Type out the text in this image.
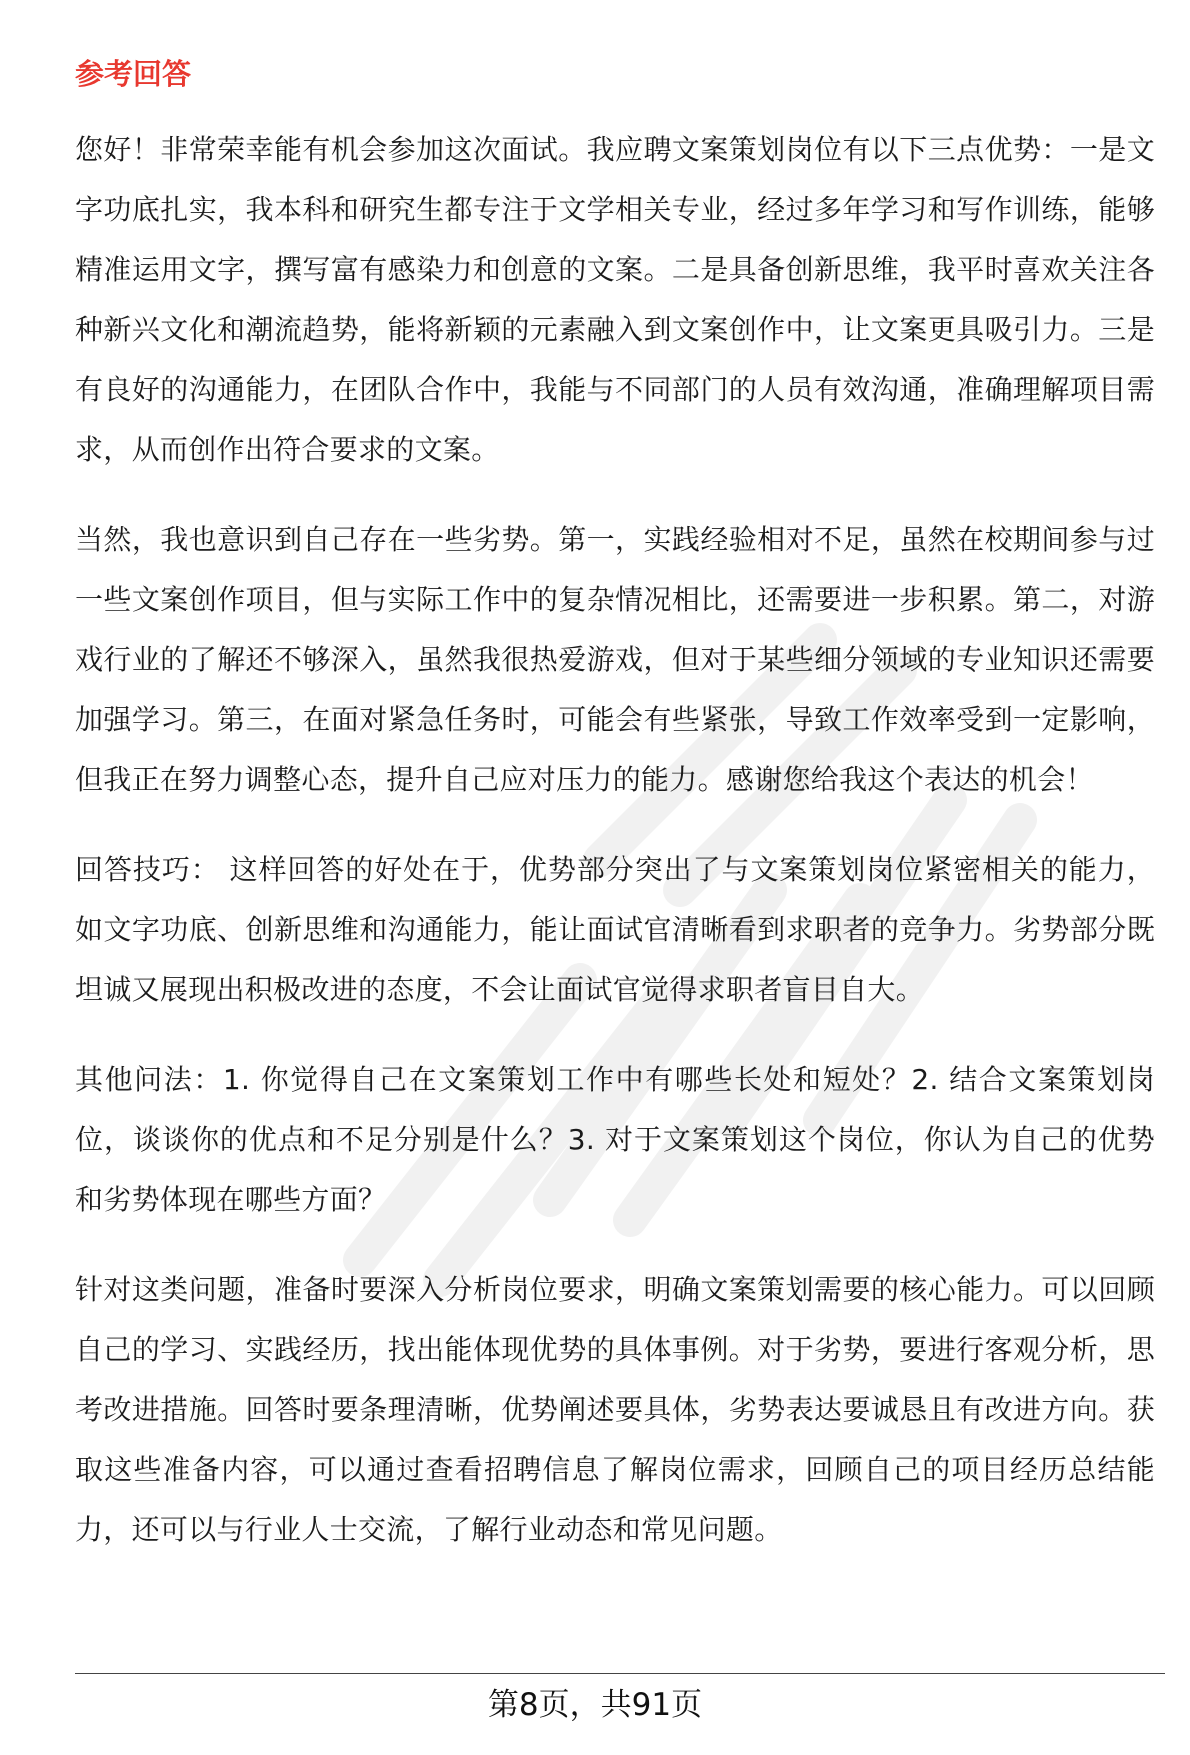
参考回答

您好！非常荣幸能有机会参加这次面试。我应聘文案策划岗位有以下三点优势：一是文字功底扎实，我本科和研究生都专注于文学相关专业，经过多年学习和写作训练，能够精准运用文字，撰写富有感染力和创意的文案。二是具备创新思维，我平时喜欢关注各种新兴文化和潮流趋势，能将新颖的元素融入到文案创作中，让文案更具吸引力。三是有良好的沟通能力，在团队合作中，我能与不同部门的人员有效沟通，准确理解项目需求，从而创作出符合要求的文案。

当然，我也意识到自己存在一些劣势。第一，实践经验相对不足，虽然在校期间参与过一些文案创作项目，但与实际工作中的复杂情况相比，还需要进一步积累。第二，对游戏行业的了解还不够深入，虽然我很热爱游戏，但对于某些细分领域的专业知识还需要加强学习。第三，在面对紧急任务时，可能会有些紧张，导致工作效率受到一定影响，但我正在努力调整心态，提升自己应对压力的能力。感谢您给我这个表达的机会！

回答技巧： 这样回答的好处在于，优势部分突出了与文案策划岗位紧密相关的能力，如文字功底、创新思维和沟通能力，能让面试官清晰看到求职者的竞争力。劣势部分既坦诚又展现出积极改进的态度，不会让面试官觉得求职者盲目自大。

其他问法：1. 你觉得自己在文案策划工作中有哪些长处和短处？2. 结合文案策划岗位，谈谈你的优点和不足分别是什么？3. 对于文案策划这个岗位，你认为自己的优势和劣势体现在哪些方面？

针对这类问题，准备时要深入分析岗位要求，明确文案策划需要的核心能力。可以回顾自己的学习、实践经历，找出能体现优势的具体事例。对于劣势，要进行客观分析，思考改进措施。回答时要条理清晰，优势阐述要具体，劣势表达要诚恳且有改进方向。获取这些准备内容，可以通过查看招聘信息了解岗位需求，回顾自己的项目经历总结能力，还可以与行业人士交流，了解行业动态和常见问题。

第8页，共91页
